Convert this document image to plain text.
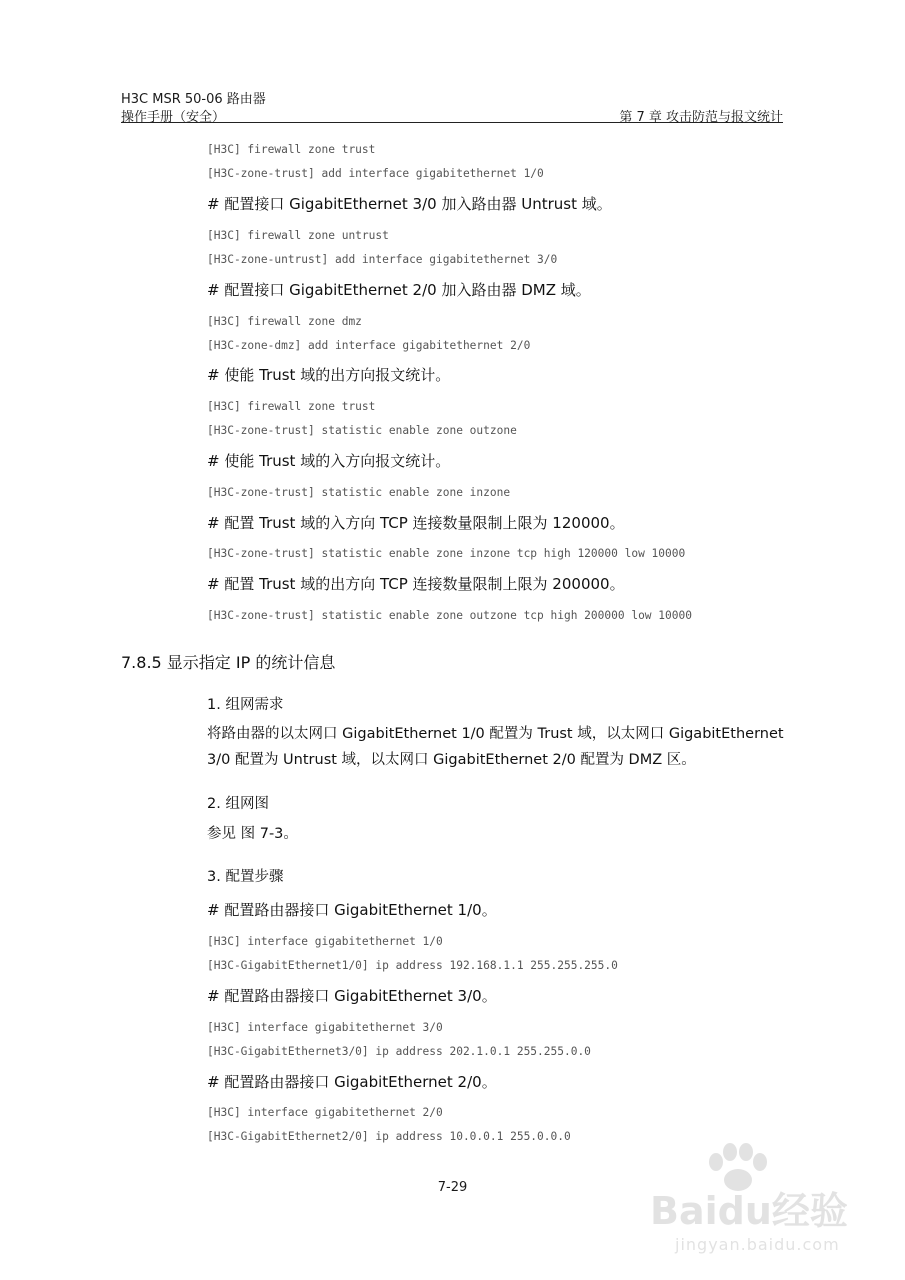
H3C MSR 50-06 路由器
操作手册（安全）	第 7 章 攻击防范与报文统计
[H3C] firewall zone trust
[H3C-zone-trust] add interface gigabitethernet 1/0
# 配置接口 GigabitEthernet 3/0 加入路由器 Untrust 域。
[H3C] firewall zone untrust
[H3C-zone-untrust] add interface gigabitethernet 3/0
# 配置接口 GigabitEthernet 2/0 加入路由器 DMZ 域。
[H3C] firewall zone dmz
[H3C-zone-dmz] add interface gigabitethernet 2/0
# 使能 Trust 域的出方向报文统计。
[H3C] firewall zone trust
[H3C-zone-trust] statistic enable zone outzone
# 使能 Trust 域的入方向报文统计。
[H3C-zone-trust] statistic enable zone inzone
# 配置 Trust 域的入方向 TCP 连接数量限制上限为 120000。
[H3C-zone-trust] statistic enable zone inzone tcp high 120000 low 10000
# 配置 Trust 域的出方向 TCP 连接数量限制上限为 200000。
[H3C-zone-trust] statistic enable zone outzone tcp high 200000 low 10000
7.8.5 显示指定 IP 的统计信息
1. 组网需求
将路由器的以太网口 GigabitEthernet 1/0 配置为 Trust 域，以太网口 GigabitEthernet
3/0 配置为 Untrust 域，以太网口 GigabitEthernet 2/0 配置为 DMZ 区。
2. 组网图
参见 图 7-3。
3. 配置步骤
# 配置路由器接口 GigabitEthernet 1/0。
[H3C] interface gigabitethernet 1/0
[H3C-GigabitEthernet1/0] ip address 192.168.1.1 255.255.255.0
# 配置路由器接口 GigabitEthernet 3/0。
[H3C] interface gigabitethernet 3/0
[H3C-GigabitEthernet3/0] ip address 202.1.0.1 255.255.0.0
# 配置路由器接口 GigabitEthernet 2/0。
[H3C] interface gigabitethernet 2/0
[H3C-GigabitEthernet2/0] ip address 10.0.0.1 255.0.0.0
7-29
Baidu经验
jingyan.baidu.com
